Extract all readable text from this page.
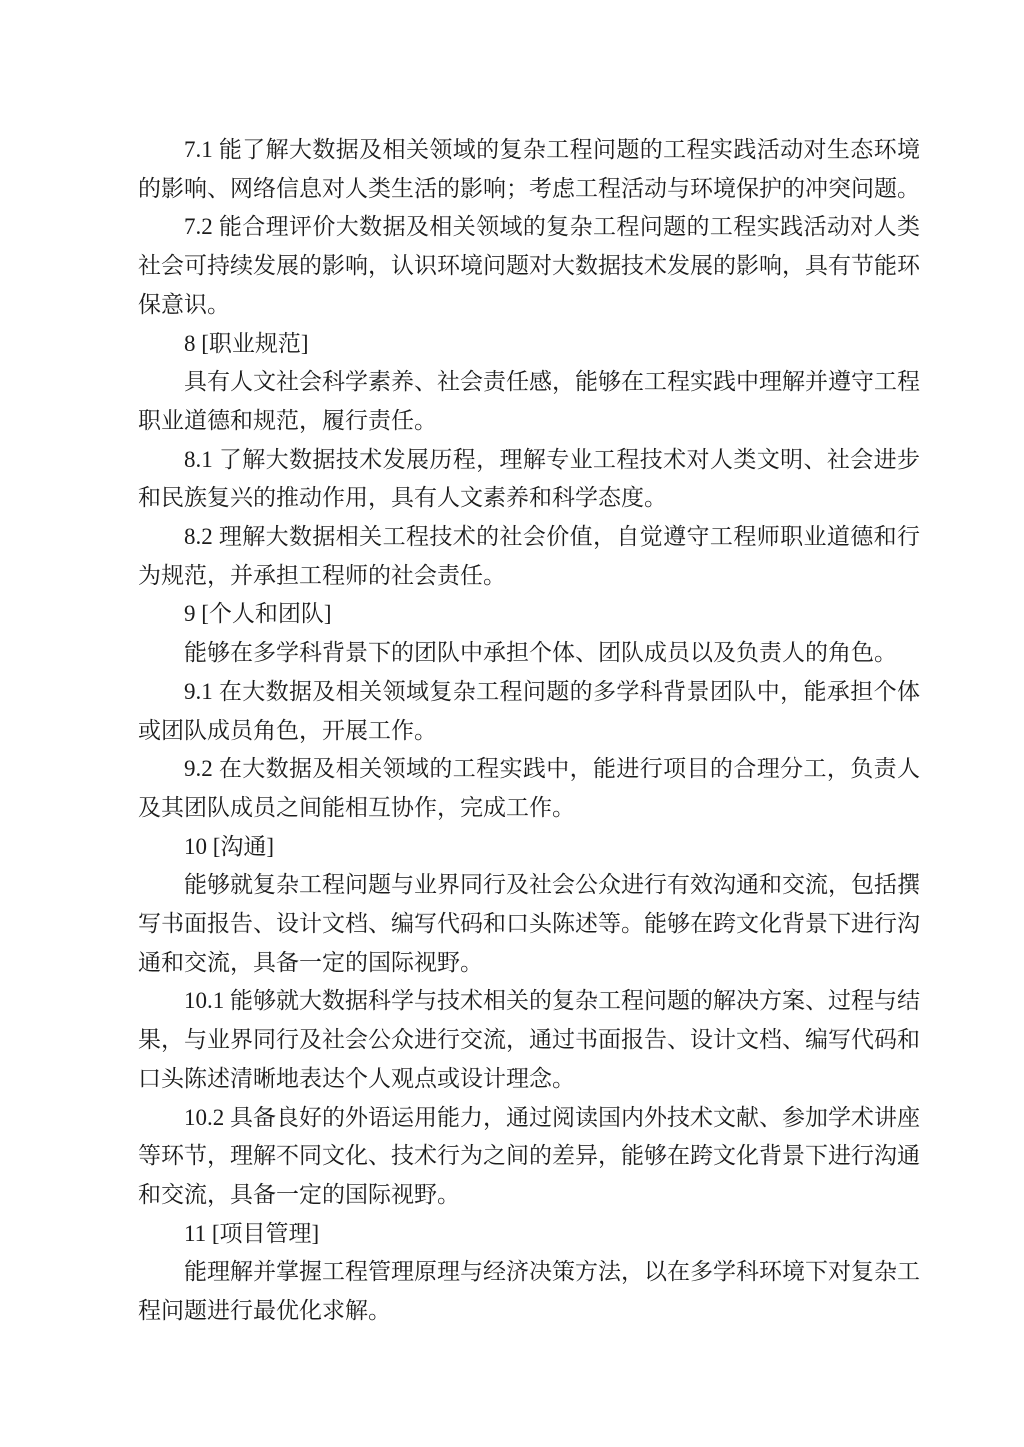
7.1 能了解大数据及相关领域的复杂工程问题的工程实践活动对生态环境的影响、网络信息对人类生活的影响；考虑工程活动与环境保护的冲突问题。

7.2 能合理评价大数据及相关领域的复杂工程问题的工程实践活动对人类社会可持续发展的影响，认识环境问题对大数据技术发展的影响，具有节能环保意识。

8 [职业规范]

具有人文社会科学素养、社会责任感，能够在工程实践中理解并遵守工程职业道德和规范，履行责任。

8.1 了解大数据技术发展历程，理解专业工程技术对人类文明、社会进步和民族复兴的推动作用，具有人文素养和科学态度。

8.2 理解大数据相关工程技术的社会价值，自觉遵守工程师职业道德和行为规范，并承担工程师的社会责任。

9 [个人和团队]

能够在多学科背景下的团队中承担个体、团队成员以及负责人的角色。

9.1 在大数据及相关领域复杂工程问题的多学科背景团队中，能承担个体或团队成员角色，开展工作。

9.2 在大数据及相关领域的工程实践中，能进行项目的合理分工，负责人及其团队成员之间能相互协作，完成工作。

10 [沟通]

能够就复杂工程问题与业界同行及社会公众进行有效沟通和交流，包括撰写书面报告、设计文档、编写代码和口头陈述等。能够在跨文化背景下进行沟通和交流，具备一定的国际视野。

10.1 能够就大数据科学与技术相关的复杂工程问题的解决方案、过程与结果，与业界同行及社会公众进行交流，通过书面报告、设计文档、编写代码和口头陈述清晰地表达个人观点或设计理念。

10.2 具备良好的外语运用能力，通过阅读国内外技术文献、参加学术讲座等环节，理解不同文化、技术行为之间的差异，能够在跨文化背景下进行沟通和交流，具备一定的国际视野。

11 [项目管理]

能理解并掌握工程管理原理与经济决策方法，以在多学科环境下对复杂工程问题进行最优化求解。
